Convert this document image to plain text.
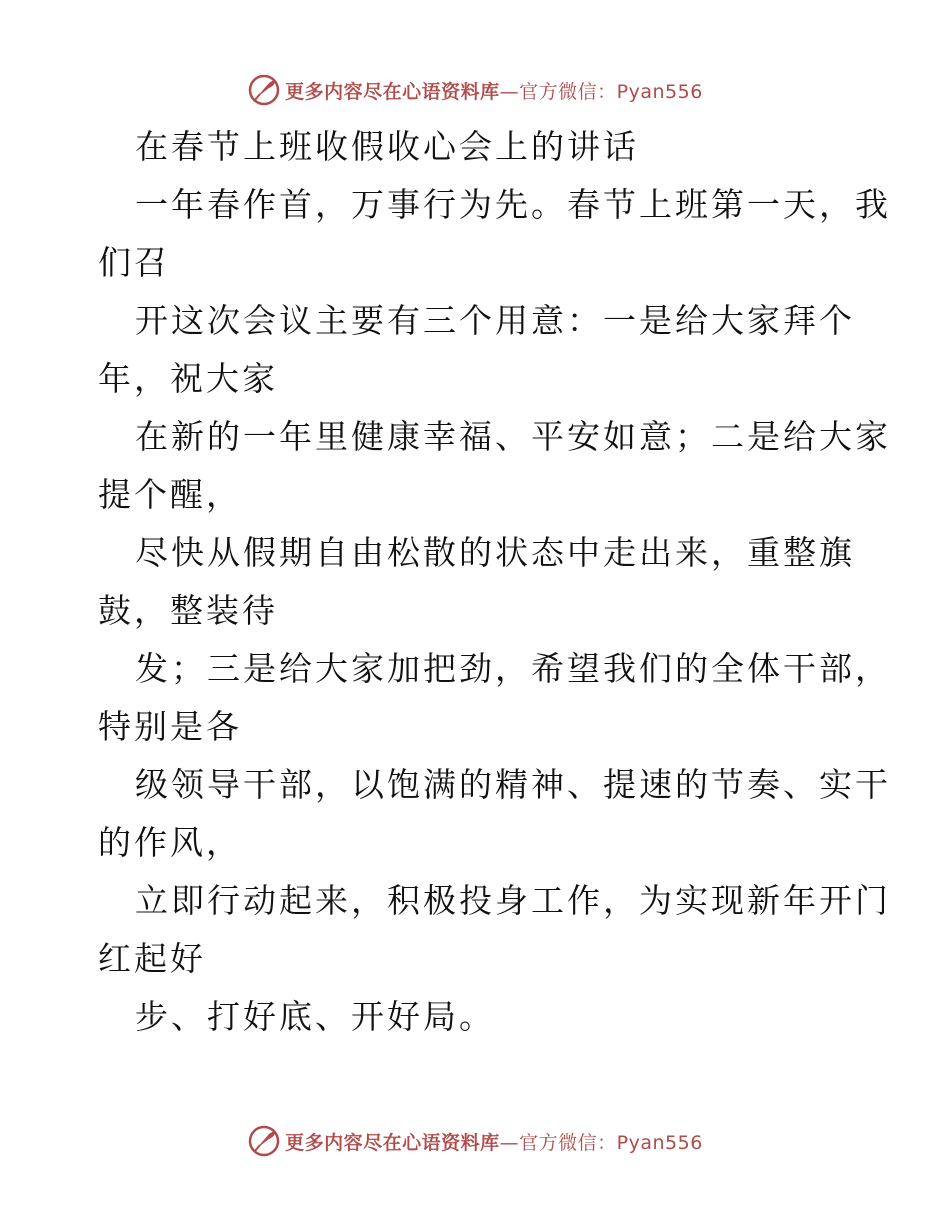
更多内容尽在心语资料库 —官方微信：Pyan556
在春节上班收假收心会上的讲话
一年春作首，万事行为先。春节上班第一天，我
们召
开这次会议主要有三个用意：一是给大家拜个
年，祝大家
在新的一年里健康幸福、平安如意；二是给大家
提个醒，
尽快从假期自由松散的状态中走出来，重整旗
鼓，整装待
发；三是给大家加把劲，希望我们的全体干部，
特别是各
级领导干部，以饱满的精神、提速的节奏、实干
的作风，
立即行动起来，积极投身工作，为实现新年开门
红起好
步、打好底、开好局。
更多内容尽在心语资料库 —官方微信：Pyan556
